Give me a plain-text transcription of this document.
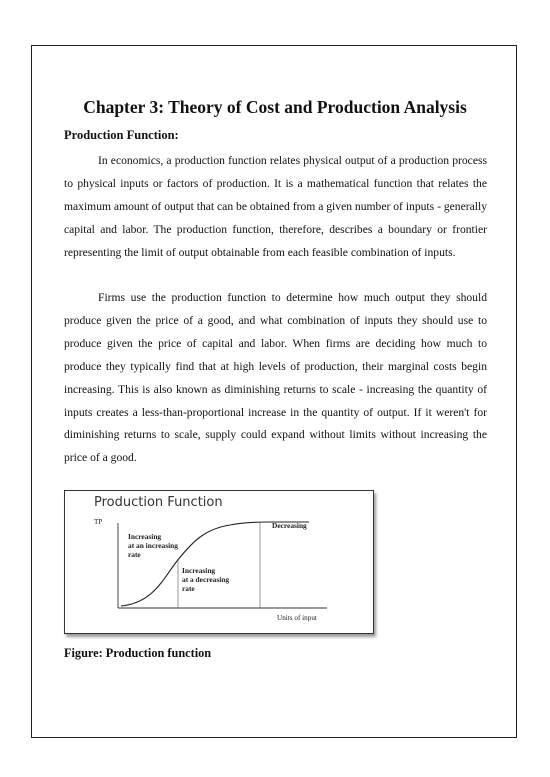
Chapter 3: Theory of Cost and Production Analysis
Production Function:
In economics, a production function relates physical output of a production process to physical inputs or factors of production. It is a mathematical function that relates the maximum amount of output that can be obtained from a given number of inputs - generally capital and labor. The production function, therefore, describes a boundary or frontier representing the limit of output obtainable from each feasible combination of inputs.
Firms use the production function to determine how much output they should produce given the price of a good, and what combination of inputs they should use to produce given the price of capital and labor. When firms are deciding how much to produce they typically find that at high levels of production, their marginal costs begin increasing. This is also known as diminishing returns to scale - increasing the quantity of inputs creates a less-than-proportional increase in the quantity of output. If it weren't for diminishing returns to scale, supply could expand without limits without increasing the price of a good.
Production Function
TP
Increasing
at an increasing
rate
Increasing
at a decreasing
rate
Decreasing
Units of input
Figure: Production function
